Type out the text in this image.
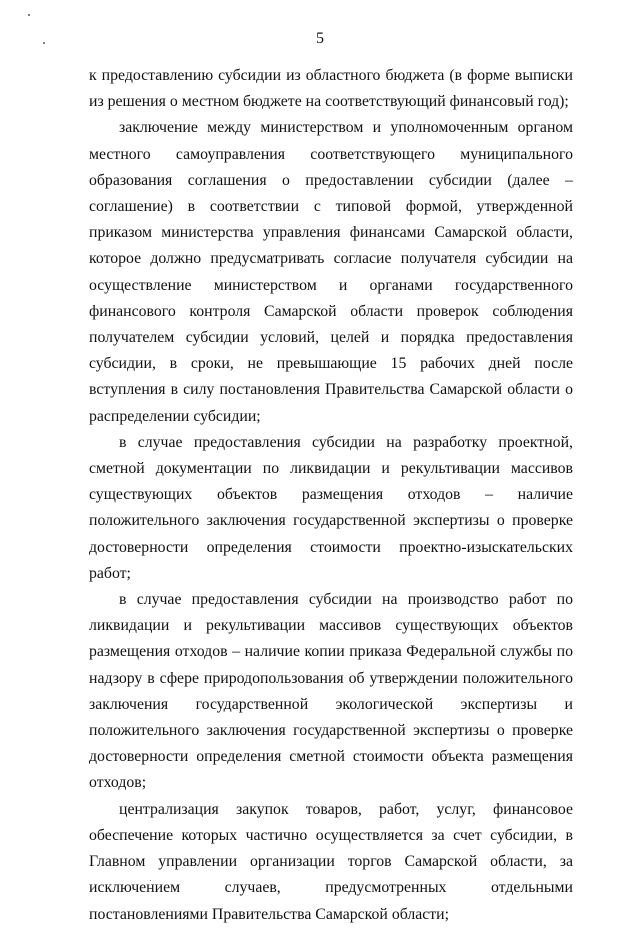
5

к предоставлению субсидии из областного бюджета (в форме выписки из решения о местном бюджете на соответствующий финансовый год);

заключение между министерством и уполномоченным органом местного самоуправления соответствующего муниципального образования соглашения о предоставлении субсидии (далее – соглашение) в соответствии с типовой формой, утвержденной приказом министерства управления финансами Самарской области, которое должно предусматривать согласие получателя субсидии на осуществление министерством и органами государственного финансового контроля Самарской области проверок соблюдения получателем субсидии условий, целей и порядка предоставления субсидии, в сроки, не превышающие 15 рабочих дней после вступления в силу постановления Правительства Самарской области о распределении субсидии;

в случае предоставления субсидии на разработку проектной, сметной документации по ликвидации и рекультивации массивов существующих объектов размещения отходов – наличие положительного заключения государственной экспертизы о проверке достоверности определения стоимости проектно-изыскательских работ;

в случае предоставления субсидии на производство работ по ликвидации и рекультивации массивов существующих объектов размещения отходов – наличие копии приказа Федеральной службы по надзору в сфере природопользования об утверждении положительного заключения государственной экологической экспертизы и положительного заключения государственной экспертизы о проверке достоверности определения сметной стоимости объекта размещения отходов;

централизация закупок товаров, работ, услуг, финансовое обеспечение которых частично осуществляется за счет субсидии, в Главном управлении организации торгов Самарской области, за исключением случаев, предусмотренных отдельными постановлениями Правительства Самарской области;
